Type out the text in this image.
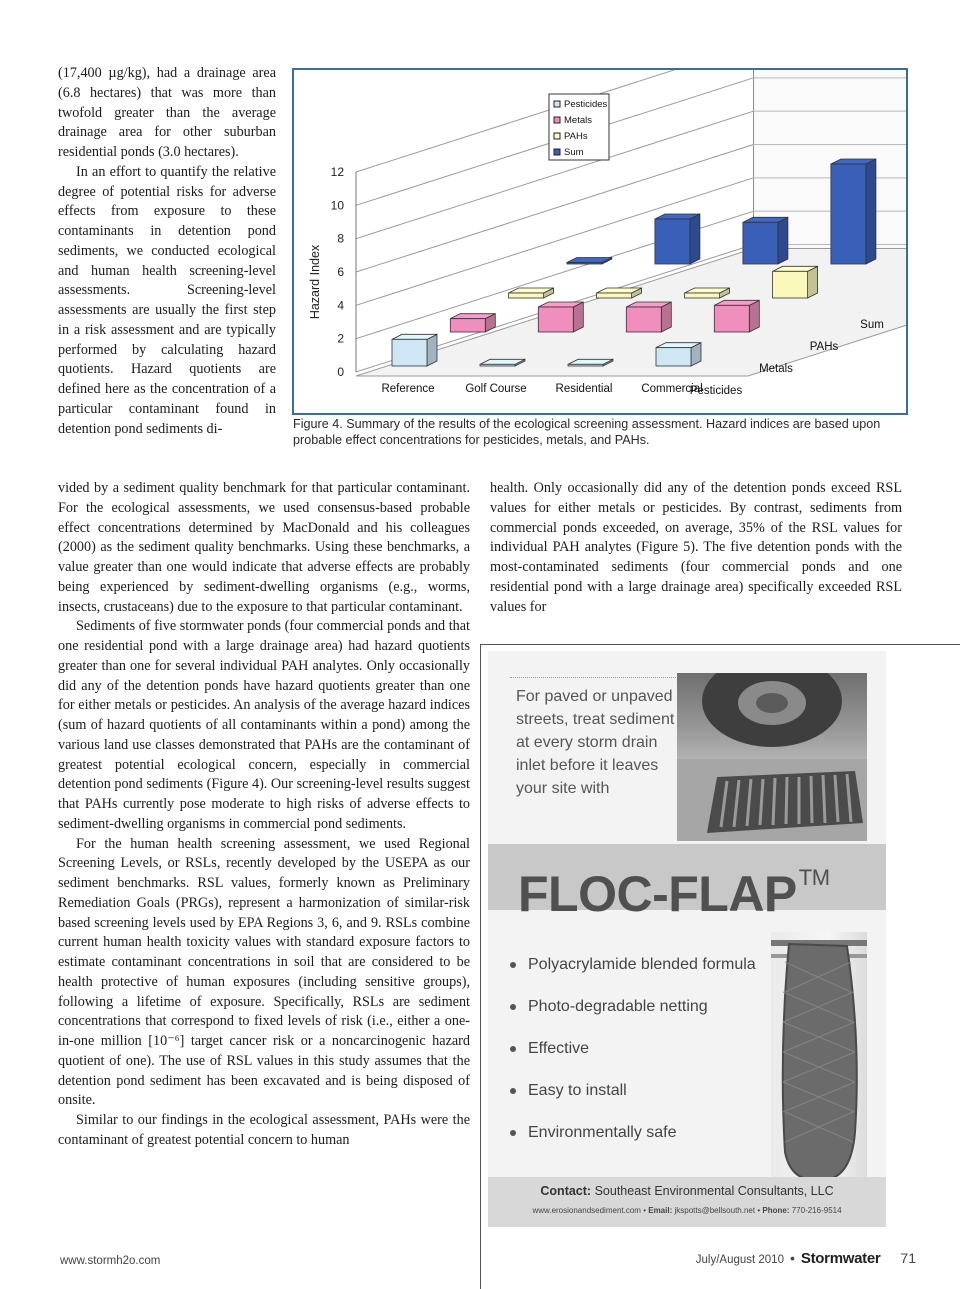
(17,400 µg/kg), had a drainage area (6.8 hectares) that was more than twofold greater than the average drainage area for other suburban residential ponds (3.0 hectares).

In an effort to quantify the relative degree of potential risks for adverse effects from exposure to these contaminants in detention pond sediments, we conducted ecological and human health screening-level assessments. Screening-level assessments are usually the first step in a risk assessment and are typically performed by calculating hazard quotients. Hazard quotients are defined here as the concentration of a particular contaminant found in detention pond sediments di-

0
2
4
6
8
10
12
Hazard Index
Reference	Golf Course	Residential	Commercial
Pesticides
Metals
PAHs
Sum
Pesticides
Metals
PAHs
Sum
Figure 4. Summary of the results of the ecological screening assessment. Hazard indices are based upon probable effect concentrations for pesticides, metals, and PAHs.

vided by a sediment quality benchmark for that particular contaminant. For the ecological assessments, we used consensus-based probable effect concentrations determined by MacDonald and his colleagues (2000) as the sediment quality benchmarks. Using these benchmarks, a value greater than one would indicate that adverse effects are probably being experienced by sediment-dwelling organisms (e.g., worms, insects, crustaceans) due to the exposure to that particular contaminant.

Sediments of five stormwater ponds (four commercial ponds and that one residential pond with a large drainage area) had hazard quotients greater than one for several individual PAH analytes. Only occasionally did any of the detention ponds have hazard quotients greater than one for either metals or pesticides. An analysis of the average hazard indices (sum of hazard quotients of all contaminants within a pond) among the various land use classes demonstrated that PAHs are the contaminant of greatest potential ecological concern, especially in commercial detention pond sediments (Figure 4). Our screening-level results suggest that PAHs currently pose moderate to high risks of adverse effects to sediment-dwelling organisms in commercial pond sediments.

For the human health screening assessment, we used Regional Screening Levels, or RSLs, recently developed by the USEPA as our sediment benchmarks. RSL values, formerly known as Preliminary Remediation Goals (PRGs), represent a harmonization of similar-risk based screening levels used by EPA Regions 3, 6, and 9. RSLs combine current human health toxicity values with standard exposure factors to estimate contaminant concentrations in soil that are considered to be health protective of human exposures (including sensitive groups), following a lifetime of exposure. Specifically, RSLs are sediment concentrations that correspond to fixed levels of risk (i.e., either a one-in-one million [10⁻⁶] target cancer risk or a noncarcinogenic hazard quotient of one). The use of RSL values in this study assumes that the detention pond sediment has been excavated and is being disposed of onsite.

Similar to our findings in the ecological assessment, PAHs were the contaminant of greatest potential concern to human

health. Only occasionally did any of the detention ponds exceed RSL values for either metals or pesticides. By contrast, sediments from commercial ponds exceeded, on average, 35% of the RSL values for individual PAH analytes (Figure 5). The five detention ponds with the most-contaminated sediments (four commercial ponds and one residential pond with a large drainage area) specifically exceeded RSL values for

For paved or unpaved streets, treat sediment at every storm drain inlet before it leaves your site with
FLOC-FLAP™
Polyacrylamide blended formula
Photo-degradable netting
Effective
Easy to install
Environmentally safe
Contact: Southeast Environmental Consultants, LLC
www.erosionandsediment.com • Email: jkspotts@bellsouth.net • Phone: 770-216-9514
www.stormh2o.com	July/August 2010 • Stormwater 71
